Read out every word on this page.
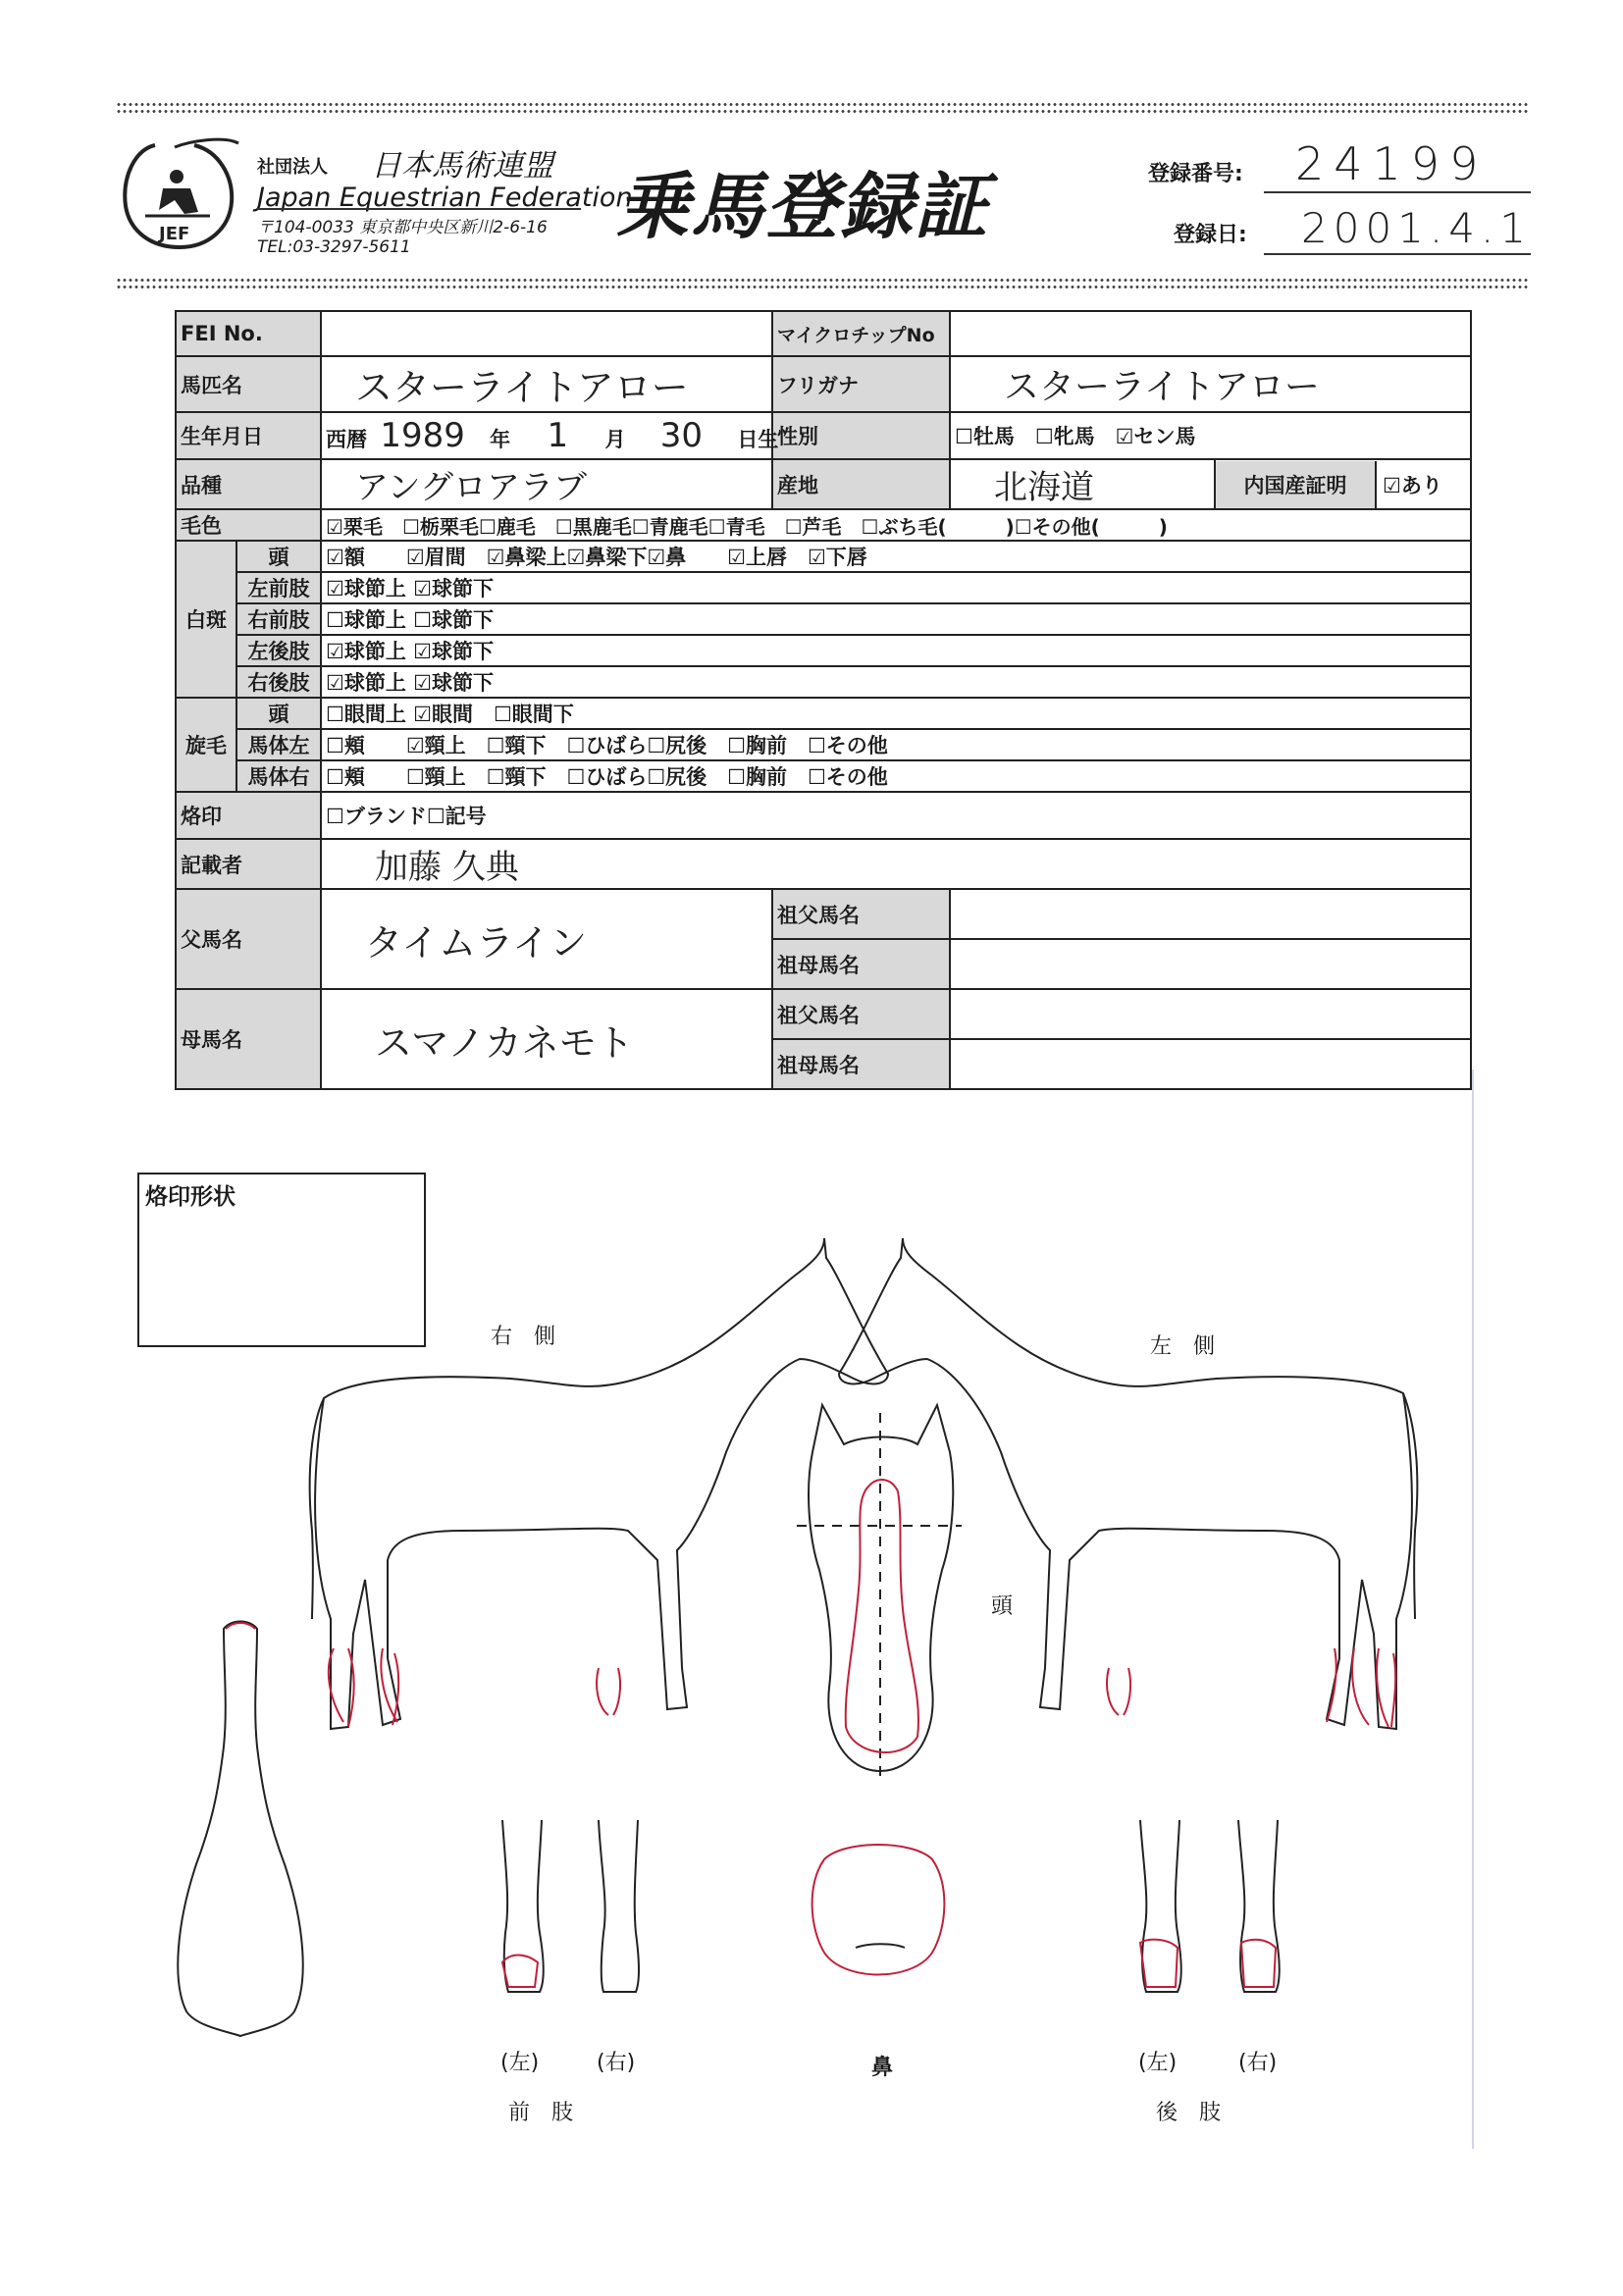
JEF
社団法人 日本馬術連盟
Japan Equestrian Federation
〒104-0033 東京都中央区新川2-6-16
TEL:03-3297-5611	乗馬登録証	登録番号: 24199
登録日: 2001.4.1
FEI No.			マイクロチップNo		
馬匹名		スターライトアロー	フリガナ	スターライトアロー	
生年月日		西暦 1989 年 1 月 30 日生	性別	☐牡馬　☐牝馬　☑セン馬	
品種		アングロアラブ	産地	北海道	内国産証明 ☑あり

毛色		☑栗毛　☐栃栗毛☐鹿毛　☐黒鹿毛☐青鹿毛☐青毛　☐芦毛　☐ぶち毛(　　　)☐その他(　　　)			
白斑	頭	☑額　　☑眉間　☑鼻梁上☑鼻梁下☑鼻　　☑上唇　☑下唇			
	左前肢	☑球節上 ☑球節下			
	右前肢	☐球節上 ☐球節下			
	左後肢	☑球節上 ☑球節下			
	右後肢	☑球節上 ☑球節下			
旋毛	頭	☐眼間上 ☑眼間　☐眼間下			
	馬体左	☐頬　　☑頸上　☐頸下　☐ひばら☐尻後　☐胸前　☐その他			
	馬体右	☐頬　　☐頸上　☐頸下　☐ひばら☐尻後　☐胸前　☐その他			
烙印		☐ブランド☐記号			
記載者		加藤 久典			
父馬名		タイムライン	祖父馬名		
			祖母馬名		
母馬名		スマノカネモト	祖父馬名		
			祖母馬名		
烙印形状
右　側	左　側
頭
鼻
(左)	(右)	(左)	(右)
前　肢	後　肢
